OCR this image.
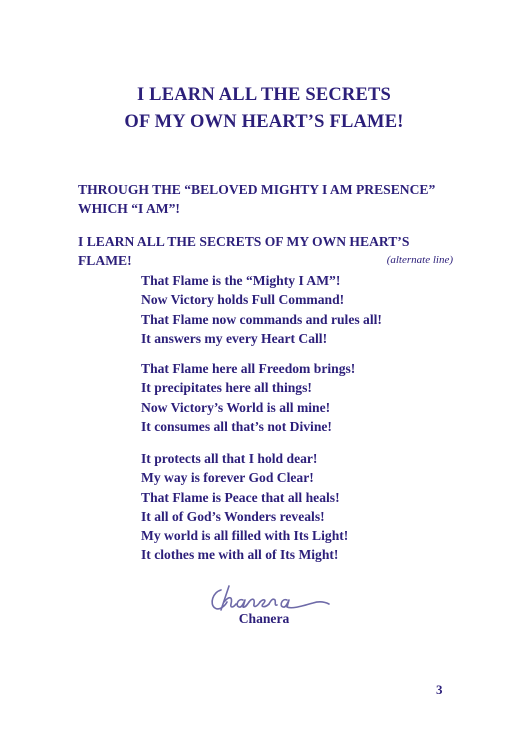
I LEARN ALL THE SECRETS
OF MY OWN HEART’S FLAME!
THROUGH THE “BELOVED MIGHTY I AM PRESENCE”
WHICH “I AM”!
I LEARN ALL THE SECRETS OF MY OWN HEART’S
FLAME!	(alternate line)
That Flame is the “Mighty I AM”!
Now Victory holds Full Command!
That Flame now commands and rules all!
It answers my every Heart Call!
That Flame here all Freedom brings!
It precipitates here all things!
Now Victory’s World is all mine!
It consumes all that’s not Divine!
It protects all that I hold dear!
My way is forever God Clear!
That Flame is Peace that all heals!
It all of God’s Wonders reveals!
My world is all filled with Its Light!
It clothes me with all of Its Might!
Chanera
3
